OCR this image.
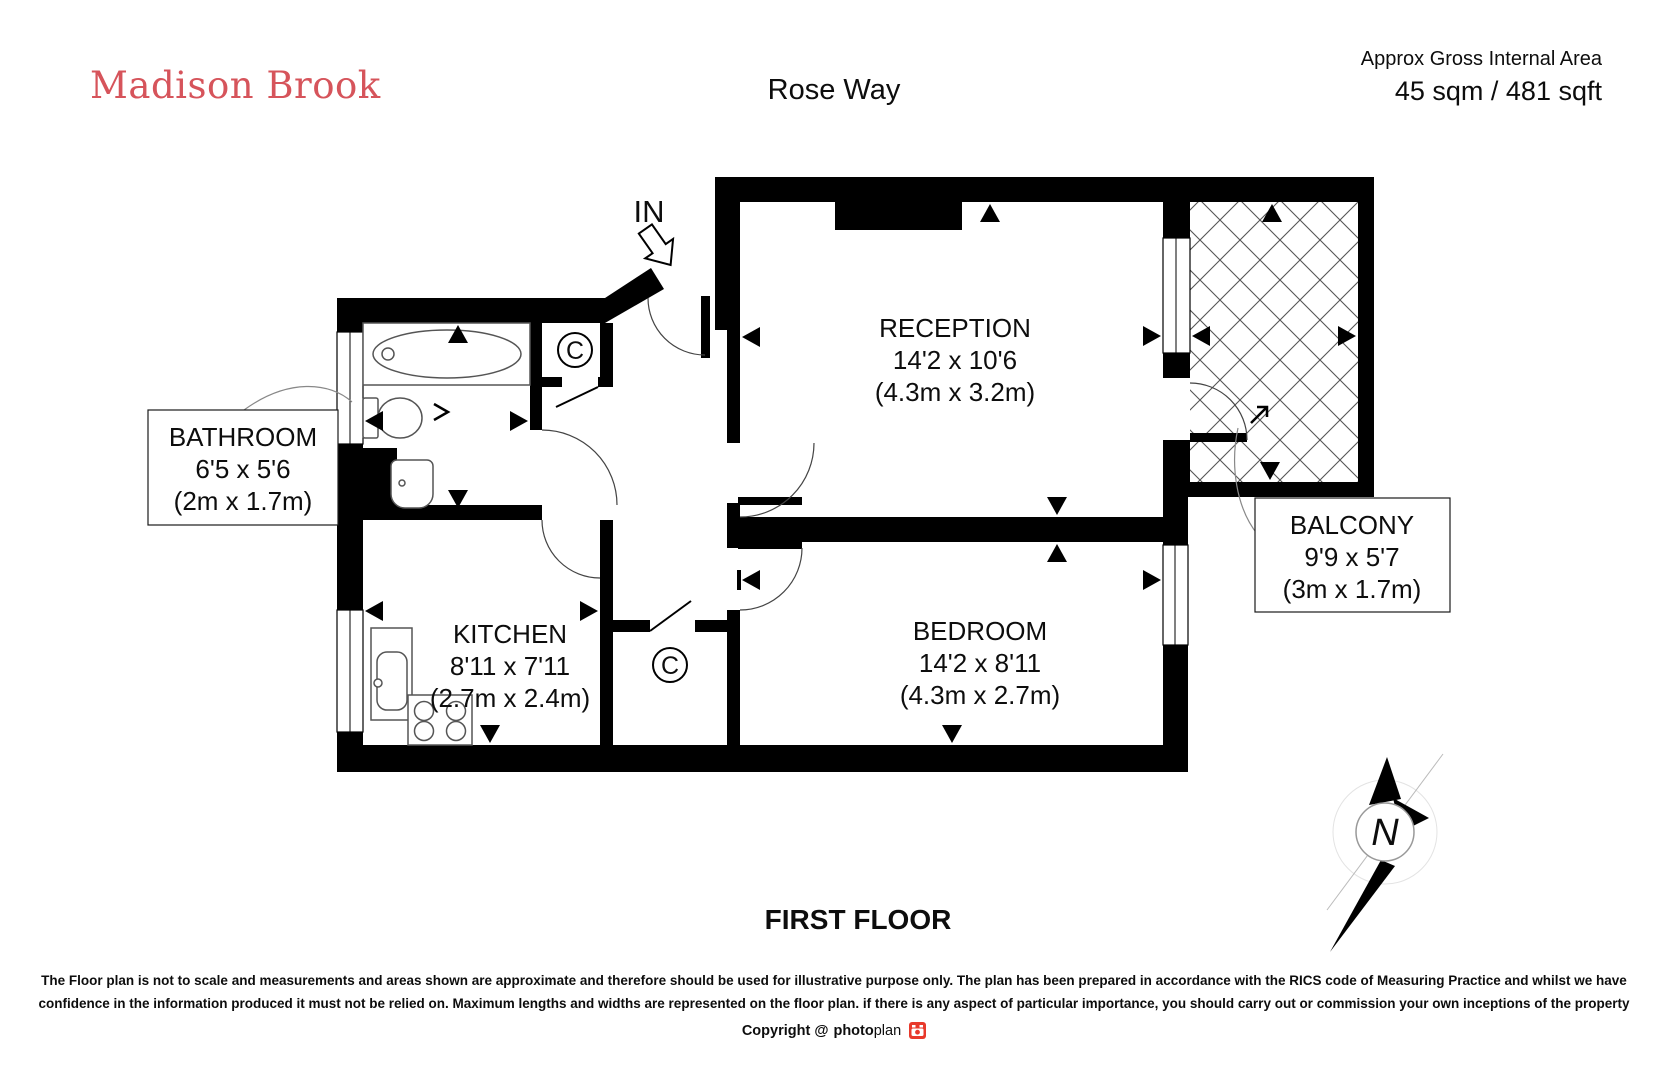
Madison Brook	Rose Way
Approx Gross Internal Area
45 sqm / 481 sqft
IN
C
C
RECEPTION
14'2 x 10'6
(4.3m x 3.2m)
BEDROOM
14'2 x 8'11
(4.3m x 2.7m)
KITCHEN
8'11 x 7'11
(2.7m x 2.4m)
BATHROOM
6'5 x 5'6
(2m x 1.7m)
BALCONY
9'9 x 5'7
(3m x 1.7m)
FIRST FLOOR
N
The Floor plan is not to scale and measurements and areas shown are approximate and therefore should be used for illustrative purpose only. The plan has been prepared in accordance with the RICS code of Measuring Practice and whilst we have
confidence in the information produced it must not be relied on. Maximum lengths and widths are represented on the floor plan. if there is any aspect of particular importance, you should carry out or commission your own inceptions of the property
Copyright @ photoplan
